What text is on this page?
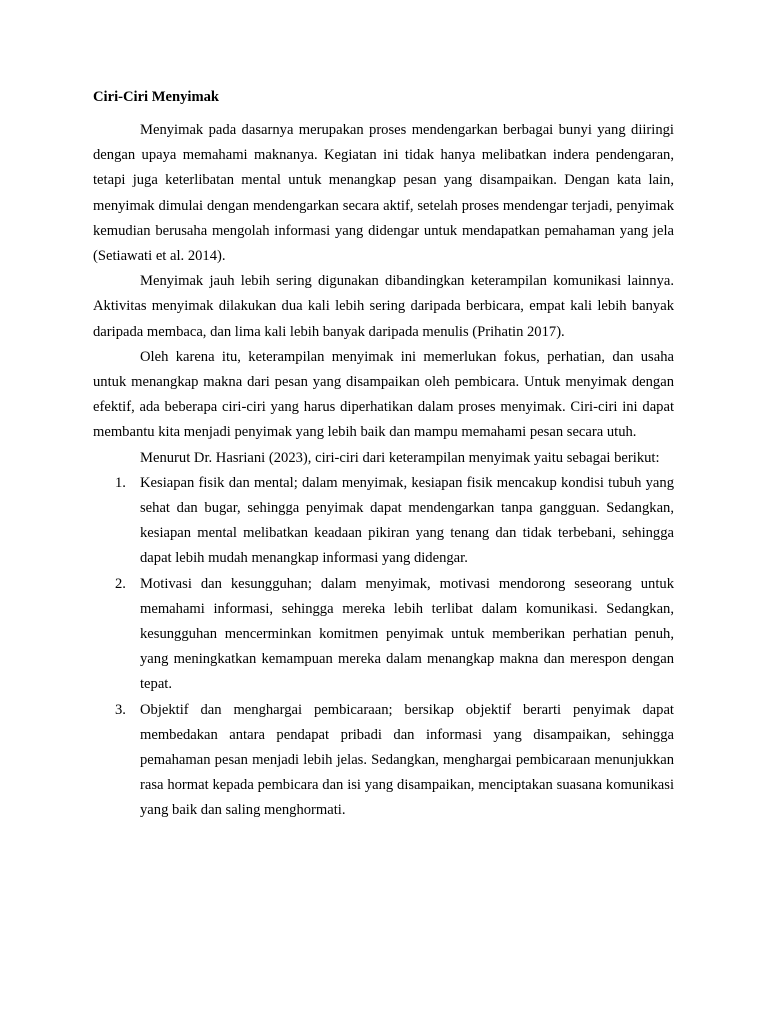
Ciri-Ciri Menyimak

Menyimak pada dasarnya merupakan proses mendengarkan berbagai bunyi yang diiringi dengan upaya memahami maknanya. Kegiatan ini tidak hanya melibatkan indera pendengaran, tetapi juga keterlibatan mental untuk menangkap pesan yang disampaikan. Dengan kata lain, menyimak dimulai dengan mendengarkan secara aktif, setelah proses mendengar terjadi, penyimak kemudian berusaha mengolah informasi yang didengar untuk mendapatkan pemahaman yang jela (Setiawati et al. 2014).

Menyimak jauh lebih sering digunakan dibandingkan keterampilan komunikasi lainnya. Aktivitas menyimak dilakukan dua kali lebih sering daripada berbicara, empat kali lebih banyak daripada membaca, dan lima kali lebih banyak daripada menulis (Prihatin 2017).

Oleh karena itu, keterampilan menyimak ini memerlukan fokus, perhatian, dan usaha untuk menangkap makna dari pesan yang disampaikan oleh pembicara. Untuk menyimak dengan efektif, ada beberapa ciri-ciri yang harus diperhatikan dalam proses menyimak. Ciri-ciri ini dapat membantu kita menjadi penyimak yang lebih baik dan mampu memahami pesan secara utuh.

Menurut Dr. Hasriani (2023), ciri-ciri dari keterampilan menyimak yaitu sebagai berikut:

1. Kesiapan fisik dan mental; dalam menyimak, kesiapan fisik mencakup kondisi tubuh yang sehat dan bugar, sehingga penyimak dapat mendengarkan tanpa gangguan. Sedangkan, kesiapan mental melibatkan keadaan pikiran yang tenang dan tidak terbebani, sehingga dapat lebih mudah menangkap informasi yang didengar.
2. Motivasi dan kesungguhan; dalam menyimak, motivasi mendorong seseorang untuk memahami informasi, sehingga mereka lebih terlibat dalam komunikasi. Sedangkan, kesungguhan mencerminkan komitmen penyimak untuk memberikan perhatian penuh, yang meningkatkan kemampuan mereka dalam menangkap makna dan merespon dengan tepat.
3. Objektif dan menghargai pembicaraan; bersikap objektif berarti penyimak dapat membedakan antara pendapat pribadi dan informasi yang disampaikan, sehingga pemahaman pesan menjadi lebih jelas. Sedangkan, menghargai pembicaraan menunjukkan rasa hormat kepada pembicara dan isi yang disampaikan, menciptakan suasana komunikasi yang baik dan saling menghormati.
